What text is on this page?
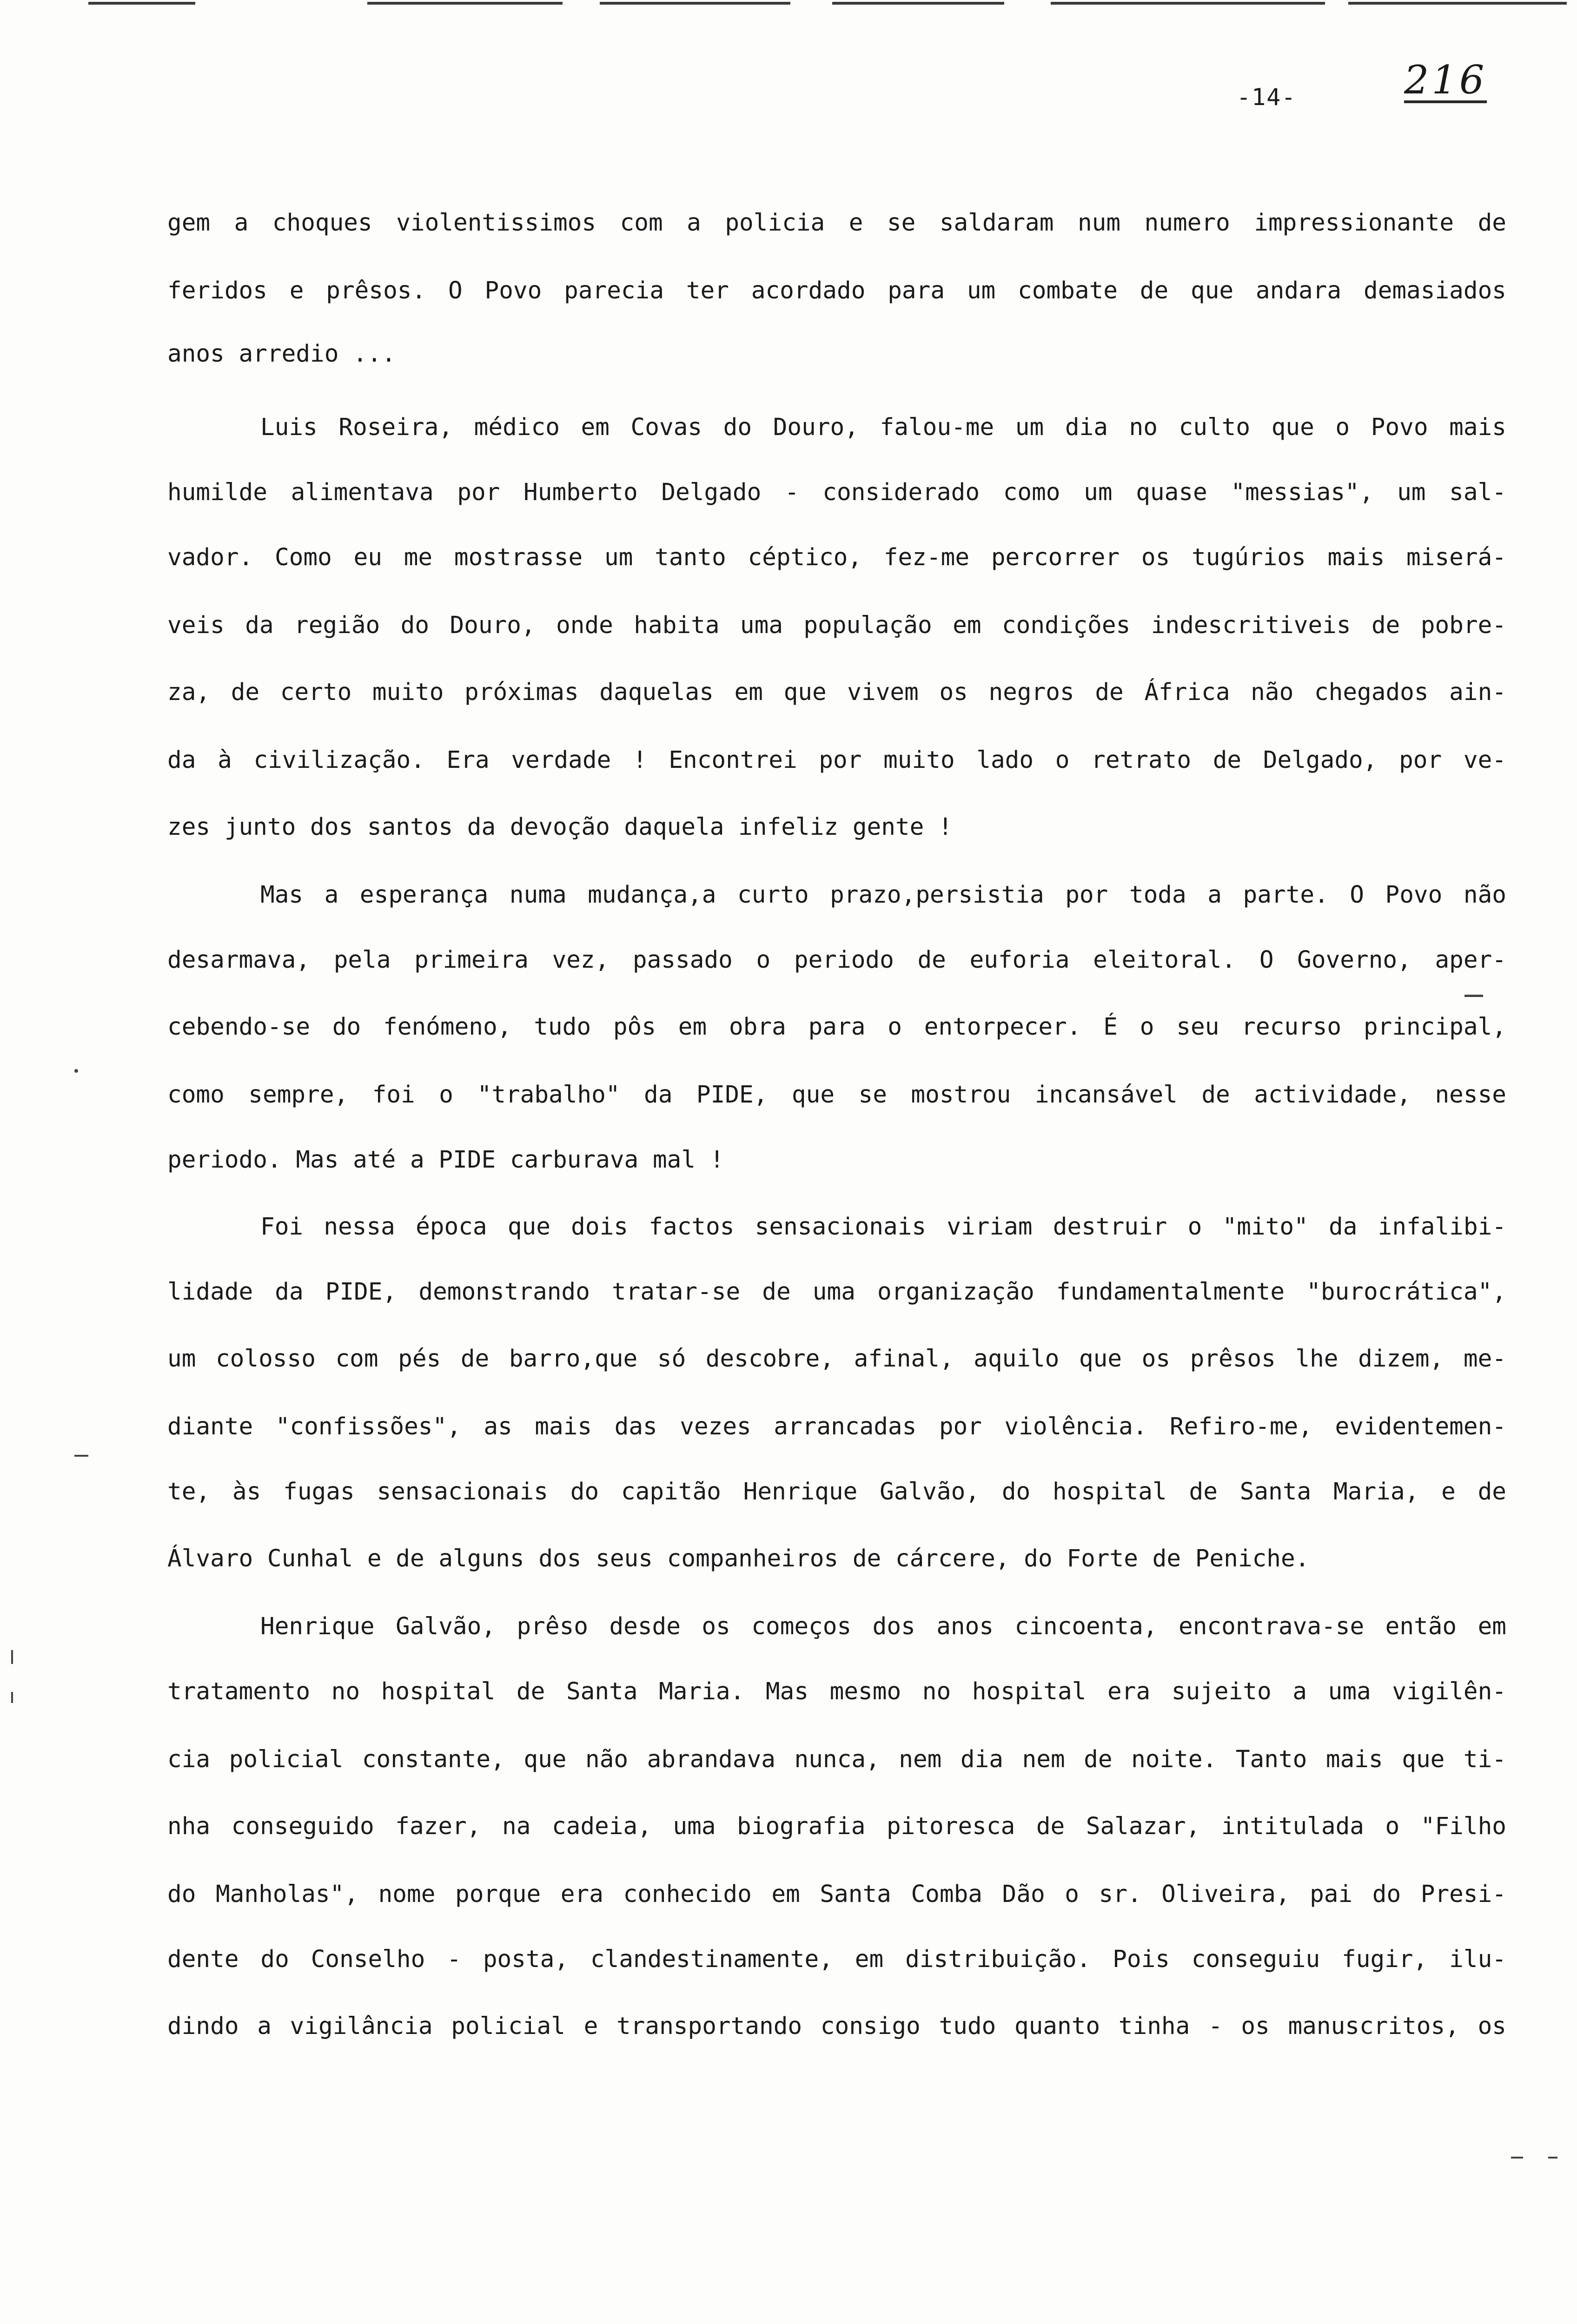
-14-	216
gem a choques violentissimos com a policia e se saldaram num numero impressionante de
feridos e prêsos. O Povo parecia ter acordado para um combate de que andara demasiados
anos arredio ...
Luis Roseira, médico em Covas do Douro, falou-me um dia no culto que o Povo mais
humilde alimentava por Humberto Delgado - considerado como um quase "messias", um sal-
vador. Como eu me mostrasse um tanto céptico, fez-me percorrer os tugúrios mais miserá-
veis da região do Douro, onde habita uma população em condições indescritiveis de pobre-
za, de certo muito próximas daquelas em que vivem os negros de África não chegados ain-
da à civilização. Era verdade ! Encontrei por muito lado o retrato de Delgado, por ve-
zes junto dos santos da devoção daquela infeliz gente !
Mas a esperança numa mudança,a curto prazo,persistia por toda a parte. O Povo não
desarmava, pela primeira vez, passado o periodo de euforia eleitoral. O Governo, aper-
cebendo-se do fenómeno, tudo pôs em obra para o entorpecer. É o seu recurso principal,
como sempre, foi o "trabalho" da PIDE, que se mostrou incansável de actividade, nesse
periodo. Mas até a PIDE carburava mal !
Foi nessa época que dois factos sensacionais viriam destruir o "mito" da infalibi-
lidade da PIDE, demonstrando tratar-se de uma organização fundamentalmente "burocrática",
um colosso com pés de barro,que só descobre, afinal, aquilo que os prêsos lhe dizem, me-
diante "confissões", as mais das vezes arrancadas por violência. Refiro-me, evidentemen-
te, às fugas sensacionais do capitão Henrique Galvão, do hospital de Santa Maria, e de
Álvaro Cunhal e de alguns dos seus companheiros de cárcere, do Forte de Peniche.
Henrique Galvão, prêso desde os começos dos anos cincoenta, encontrava-se então em
tratamento no hospital de Santa Maria. Mas mesmo no hospital era sujeito a uma vigilên-
cia policial constante, que não abrandava nunca, nem dia nem de noite. Tanto mais que ti-
nha conseguido fazer, na cadeia, uma biografia pitoresca de Salazar, intitulada o "Filho
do Manholas", nome porque era conhecido em Santa Comba Dão o sr. Oliveira, pai do Presi-
dente do Conselho - posta, clandestinamente, em distribuição. Pois conseguiu fugir, ilu-
dindo a vigilância policial e transportando consigo tudo quanto tinha - os manuscritos, os
